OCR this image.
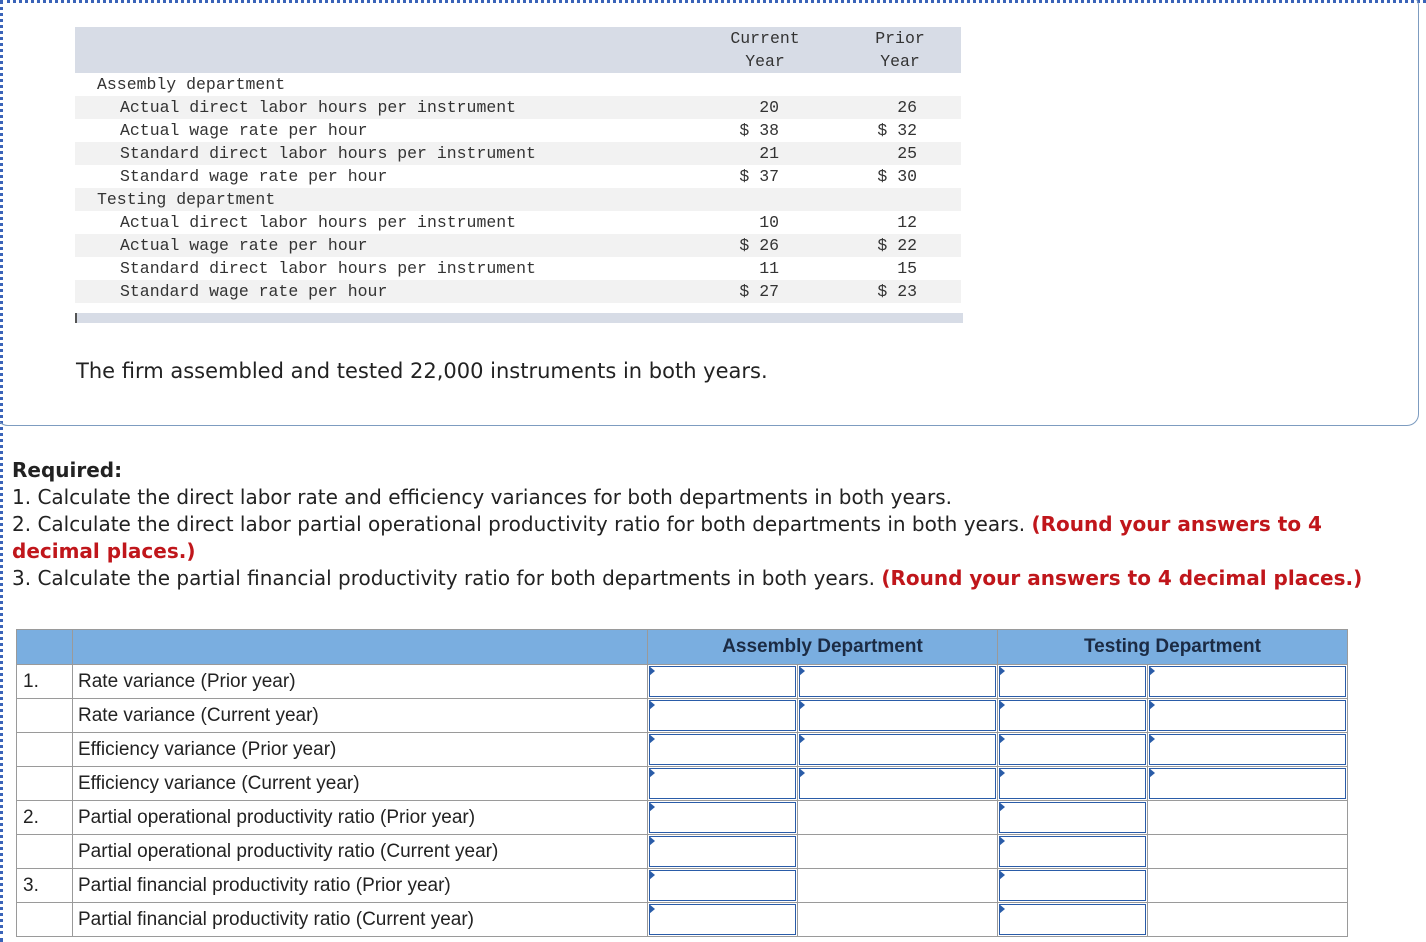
Current
Year
Prior
Year
Assembly department
Actual direct labor hours per instrument	20	26
Actual wage rate per hour	$ 38	$ 32
Standard direct labor hours per instrument	21	25
Standard wage rate per hour	$ 37	$ 30
Testing department
Actual direct labor hours per instrument	10	12
Actual wage rate per hour	$ 26	$ 22
Standard direct labor hours per instrument	11	15
Standard wage rate per hour	$ 27	$ 23
The firm assembled and tested 22,000 instruments in both years.
Required:
1. Calculate the direct labor rate and efficiency variances for both departments in both years.
2. Calculate the direct labor partial operational productivity ratio for both departments in both years. (Round your answers to 4 decimal places.)
3. Calculate the partial financial productivity ratio for both departments in both years. (Round your answers to 4 decimal places.)
		Assembly Department		Testing Department	
1.	Rate variance (Prior year)	

	Rate variance (Current year)	

	Efficiency variance (Prior year)	

	Efficiency variance (Current year)	

2.	Partial operational productivity ratio (Prior year)	

	Partial operational productivity ratio (Current year)	

3.	Partial financial productivity ratio (Prior year)	

	Partial financial productivity ratio (Current year)	
